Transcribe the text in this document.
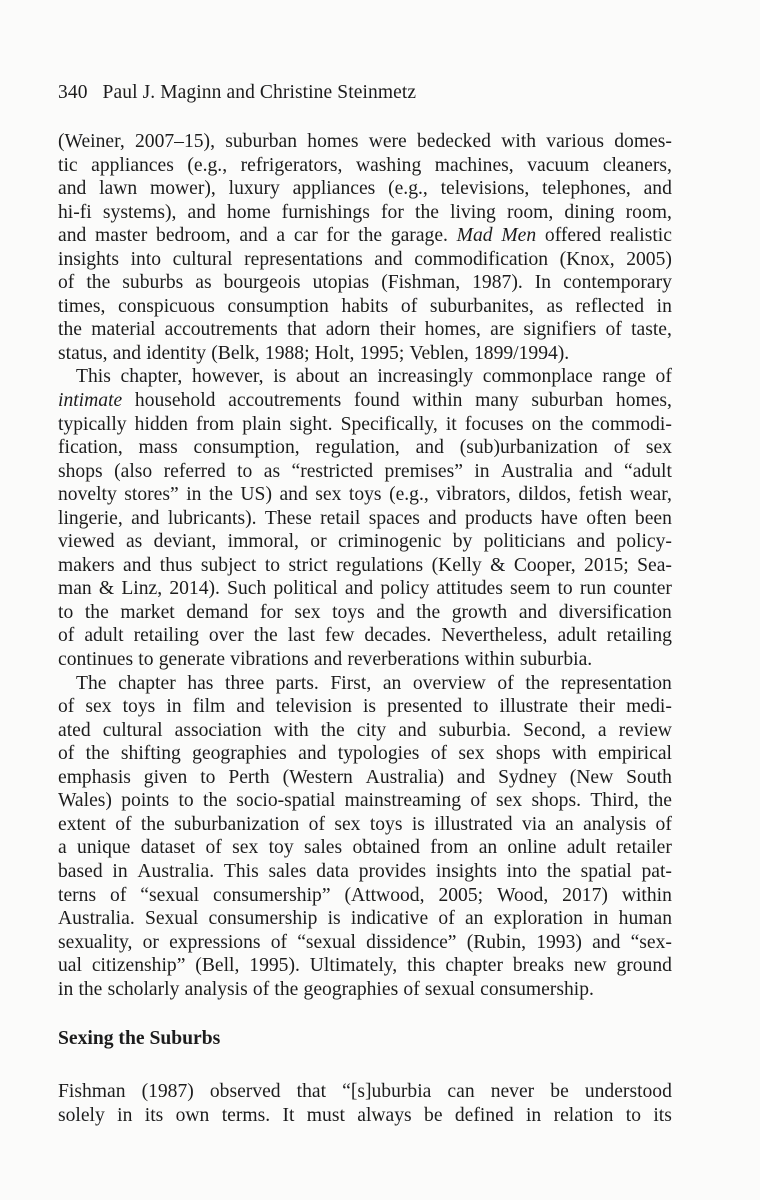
340 Paul J. Maginn and Christine Steinmetz
(Weiner, 2007–15), suburban homes were bedecked with various domes-
tic appliances (e.g., refrigerators, washing machines, vacuum cleaners,
and lawn mower), luxury appliances (e.g., televisions, telephones, and
hi-fi systems), and home furnishings for the living room, dining room,
and master bedroom, and a car for the garage. Mad Men offered realistic
insights into cultural representations and commodification (Knox, 2005)
of the suburbs as bourgeois utopias (Fishman, 1987). In contemporary
times, conspicuous consumption habits of suburbanites, as reflected in
the material accoutrements that adorn their homes, are signifiers of taste,
status, and identity (Belk, 1988; Holt, 1995; Veblen, 1899/1994).
This chapter, however, is about an increasingly commonplace range of
intimate household accoutrements found within many suburban homes,
typically hidden from plain sight. Specifically, it focuses on the commodi-
fication, mass consumption, regulation, and (sub)urbanization of sex
shops (also referred to as “restricted premises” in Australia and “adult
novelty stores” in the US) and sex toys (e.g., vibrators, dildos, fetish wear,
lingerie, and lubricants). These retail spaces and products have often been
viewed as deviant, immoral, or criminogenic by politicians and policy-
makers and thus subject to strict regulations (Kelly & Cooper, 2015; Sea-
man & Linz, 2014). Such political and policy attitudes seem to run counter
to the market demand for sex toys and the growth and diversification
of adult retailing over the last few decades. Nevertheless, adult retailing
continues to generate vibrations and reverberations within suburbia.
The chapter has three parts. First, an overview of the representation
of sex toys in film and television is presented to illustrate their medi-
ated cultural association with the city and suburbia. Second, a review
of the shifting geographies and typologies of sex shops with empirical
emphasis given to Perth (Western Australia) and Sydney (New South
Wales) points to the socio-spatial mainstreaming of sex shops. Third, the
extent of the suburbanization of sex toys is illustrated via an analysis of
a unique dataset of sex toy sales obtained from an online adult retailer
based in Australia. This sales data provides insights into the spatial pat-
terns of “sexual consumership” (Attwood, 2005; Wood, 2017) within
Australia. Sexual consumership is indicative of an exploration in human
sexuality, or expressions of “sexual dissidence” (Rubin, 1993) and “sex-
ual citizenship” (Bell, 1995). Ultimately, this chapter breaks new ground
in the scholarly analysis of the geographies of sexual consumership.
Sexing the Suburbs
Fishman (1987) observed that “[s]uburbia can never be understood
solely in its own terms. It must always be defined in relation to its
